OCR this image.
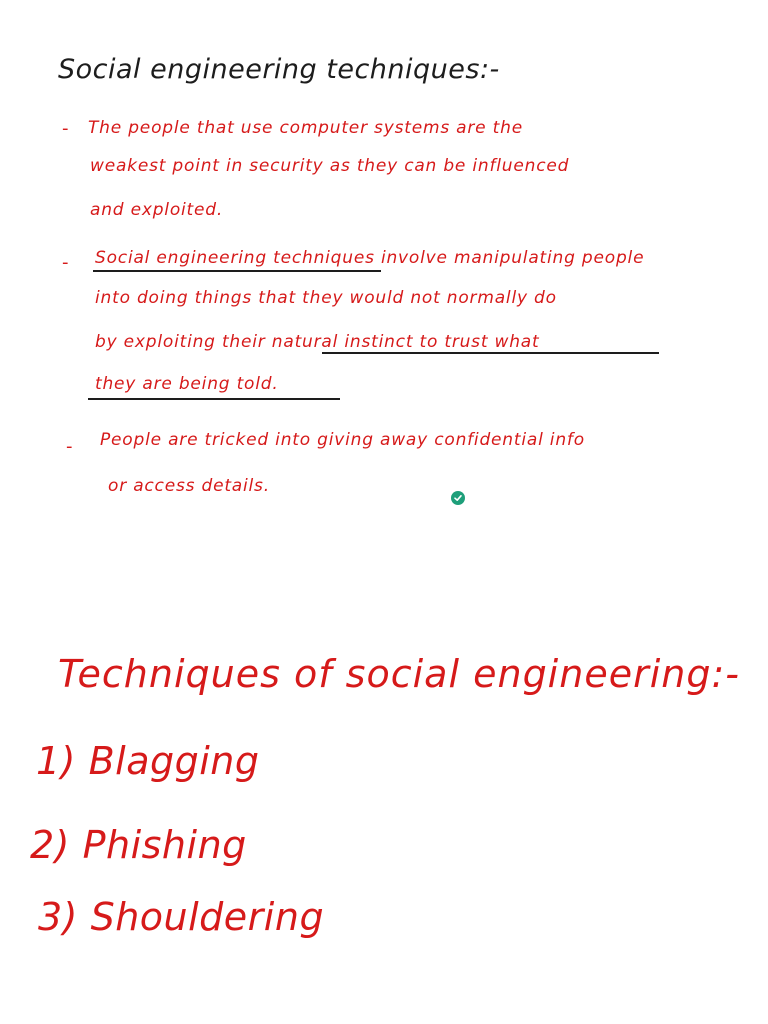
Social engineering techniques:-
- The people that use computer systems are the
weakest point in security as they can be influenced
and exploited.
- Social engineering techniques involve manipulating people
into doing things that they would not normally do
by exploiting their natural instinct to trust what
they are being told.
- People are tricked into giving away confidential info
or access details.
Techniques of social engineering:-
1) Blagging
2) Phishing
3) Shouldering
